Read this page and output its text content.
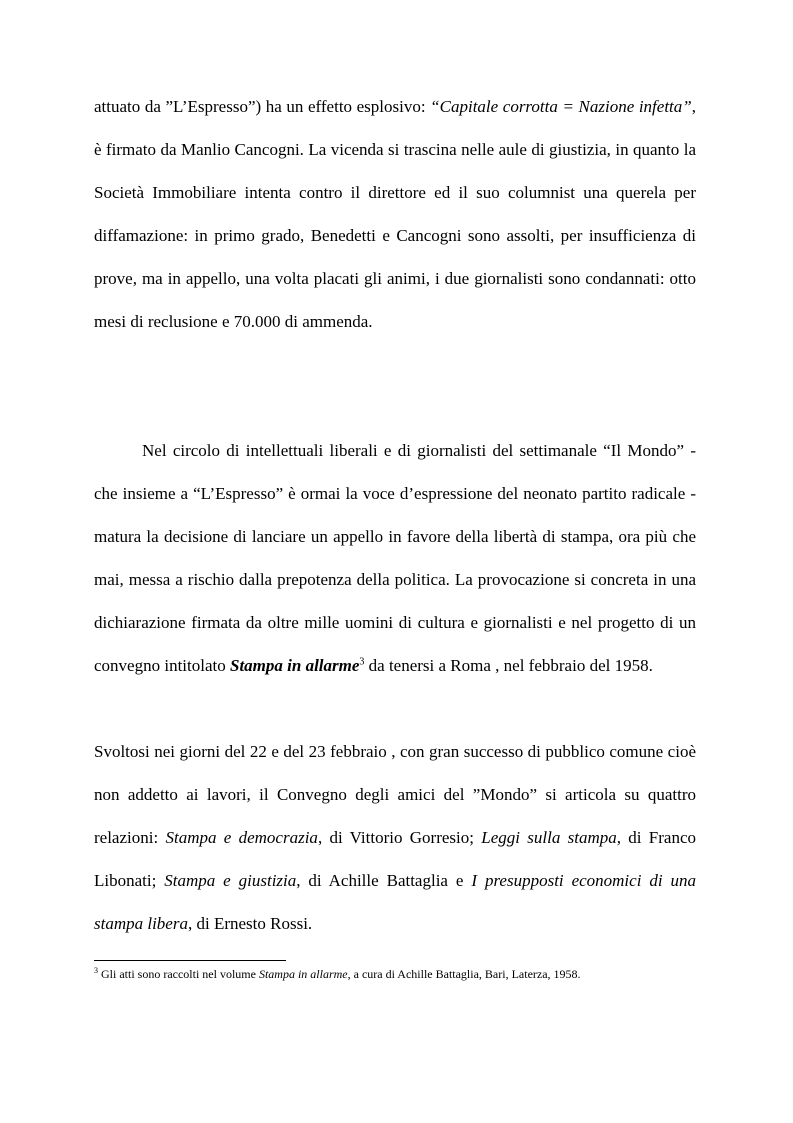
attuato da ”L’Espresso”) ha un effetto esplosivo: “Capitale corrotta = Nazione infetta”, è firmato da Manlio Cancogni. La vicenda si trascina nelle aule di giustizia, in quanto la Società Immobiliare intenta contro il direttore ed il suo columnist una querela per diffamazione: in primo grado, Benedetti e Cancogni sono assolti, per insufficienza di prove, ma in appello, una volta placati gli animi, i due giornalisti sono condannati: otto mesi di reclusione e 70.000 di ammenda.

Nel circolo di intellettuali liberali e di giornalisti del settimanale “Il Mondo” - che insieme a “L’Espresso” è ormai la voce d’espressione del neonato partito radicale - matura la decisione di lanciare un appello in favore della libertà di stampa, ora più che mai, messa a rischio dalla prepotenza della politica. La provocazione si concreta in una dichiarazione firmata da oltre mille uomini di cultura e giornalisti e nel progetto di un convegno intitolato Stampa in allarme$^3$ da tenersi a Roma , nel febbraio del 1958.

Svoltosi nei giorni del 22 e del 23 febbraio , con gran successo di pubblico comune cioè non addetto ai lavori, il Convegno degli amici del ”Mondo” si articola su quattro relazioni: Stampa e democrazia, di Vittorio Gorresio; Leggi sulla stampa, di Franco Libonati; Stampa e giustizia, di Achille Battaglia e I presupposti economici di una stampa libera, di Ernesto Rossi.

$^3$ Gli atti sono raccolti nel volume Stampa in allarme, a cura di Achille Battaglia, Bari, Laterza, 1958.
